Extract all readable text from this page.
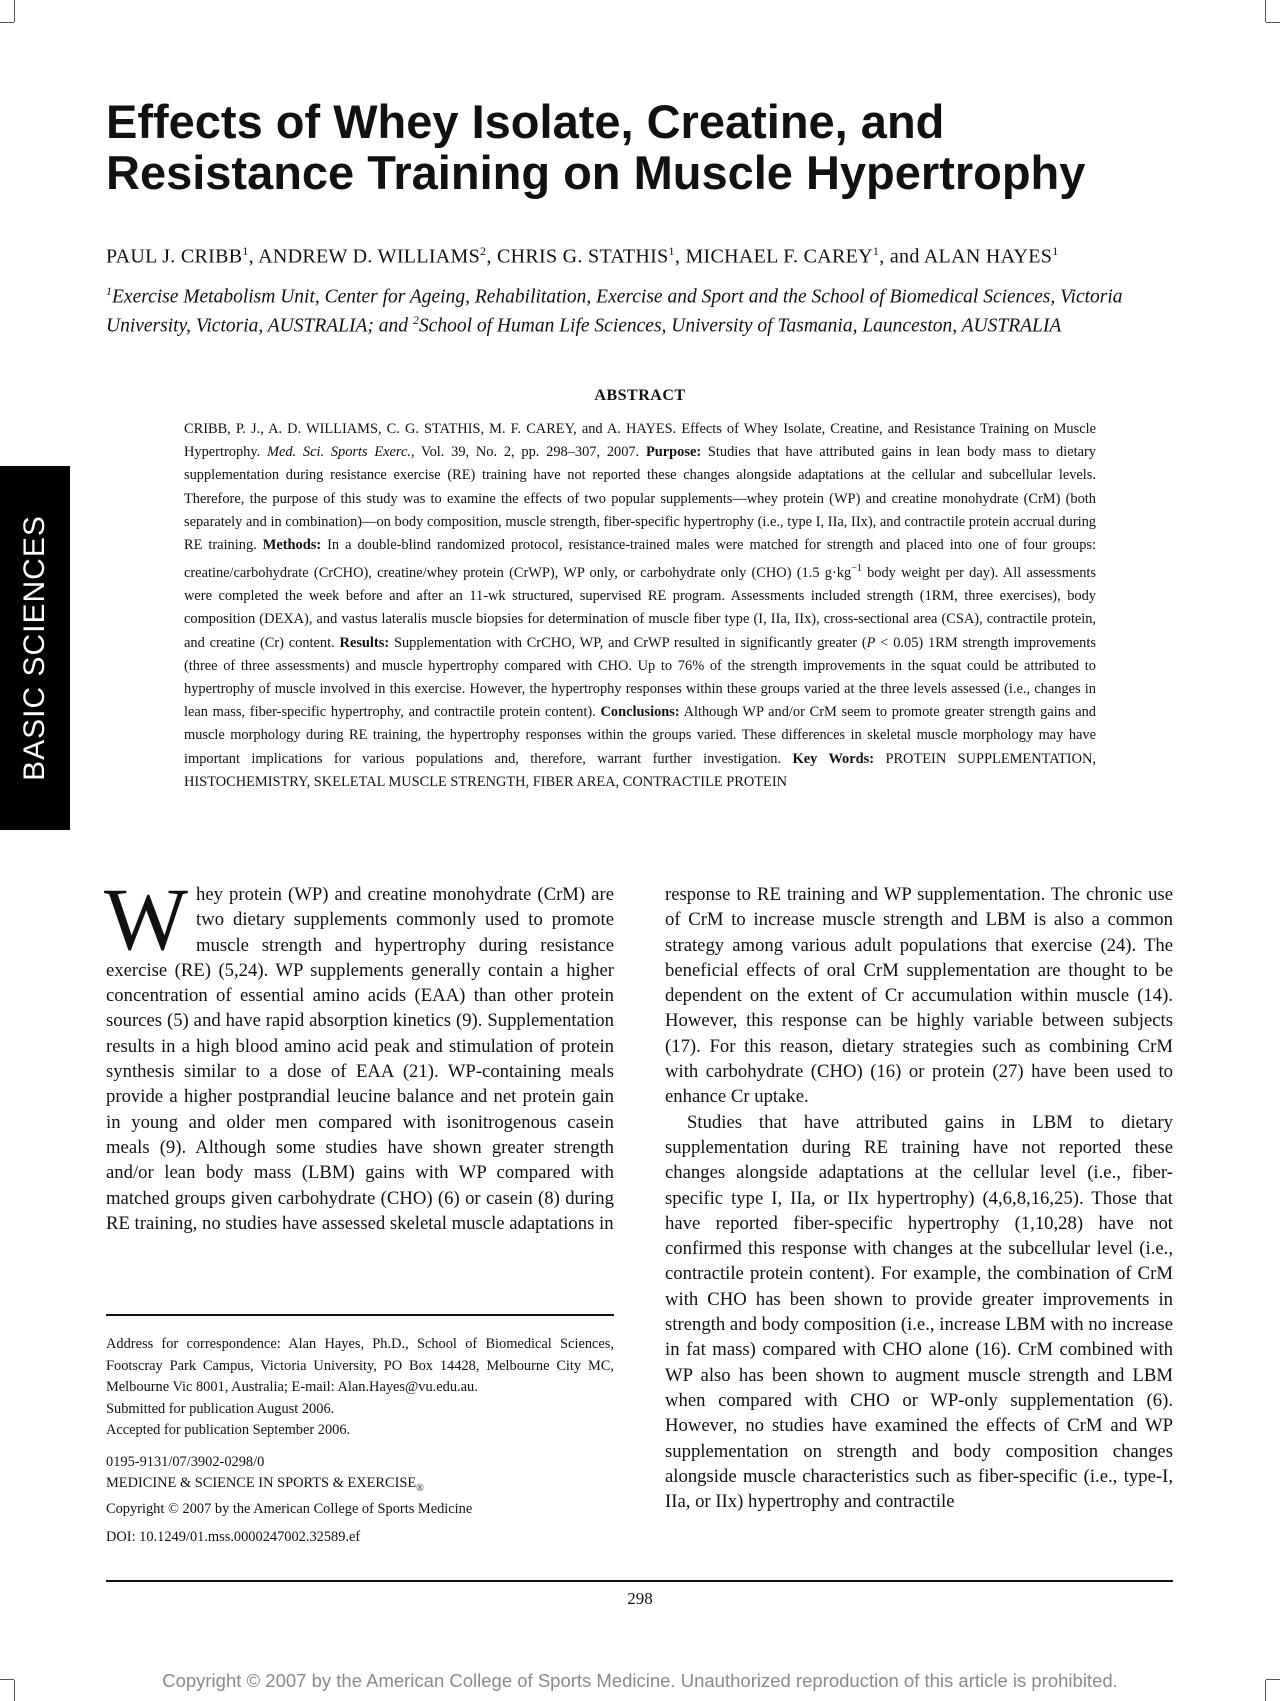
BASIC SCIENCES
Effects of Whey Isolate, Creatine, and
Resistance Training on Muscle Hypertrophy

PAUL J. CRIBB$^1$, ANDREW D. WILLIAMS$^2$, CHRIS G. STATHIS$^1$, MICHAEL F. CAREY$^1$, and ALAN HAYES$^1$

$^1$Exercise Metabolism Unit, Center for Ageing, Rehabilitation, Exercise and Sport and the School of Biomedical Sciences, Victoria University, Victoria, AUSTRALIA; and $^2$School of Human Life Sciences, University of Tasmania, Launceston, AUSTRALIA

ABSTRACT

CRIBB, P. J., A. D. WILLIAMS, C. G. STATHIS, M. F. CAREY, and A. HAYES. Effects of Whey Isolate, Creatine, and Resistance Training on Muscle Hypertrophy. Med. Sci. Sports Exerc., Vol. 39, No. 2, pp. 298–307, 2007. Purpose: Studies that have attributed gains in lean body mass to dietary supplementation during resistance exercise (RE) training have not reported these changes alongside adaptations at the cellular and subcellular levels. Therefore, the purpose of this study was to examine the effects of two popular supplements—whey protein (WP) and creatine monohydrate (CrM) (both separately and in combination)—on body composition, muscle strength, fiber-specific hypertrophy (i.e., type I, IIa, IIx), and contractile protein accrual during RE training. Methods: In a double-blind randomized protocol, resistance-trained males were matched for strength and placed into one of four groups: creatine/carbohydrate (CrCHO), creatine/whey protein (CrWP), WP only, or carbohydrate only (CHO) (1.5 $g\cdot kg^{-1}$ body weight per day). All assessments were completed the week before and after an 11-wk structured, supervised RE program. Assessments included strength (1RM, three exercises), body composition (DEXA), and vastus lateralis muscle biopsies for determination of muscle fiber type (I, IIa, IIx), cross-sectional area (CSA), contractile protein, and creatine (Cr) content. Results: Supplementation with CrCHO, WP, and CrWP resulted in significantly greater (P < 0.05) 1RM strength improvements (three of three assessments) and muscle hypertrophy compared with CHO. Up to 76% of the strength improvements in the squat could be attributed to hypertrophy of muscle involved in this exercise. However, the hypertrophy responses within these groups varied at the three levels assessed (i.e., changes in lean mass, fiber-specific hypertrophy, and contractile protein content). Conclusions: Although WP and/or CrM seem to promote greater strength gains and muscle morphology during RE training, the hypertrophy responses within the groups varied. These differences in skeletal muscle morphology may have important implications for various populations and, therefore, warrant further investigation. Key Words: PROTEIN SUPPLEMENTATION, HISTOCHEMISTRY, SKELETAL MUSCLE STRENGTH, FIBER AREA, CONTRACTILE PROTEIN

Whey protein (WP) and creatine monohydrate (CrM) are two dietary supplements commonly used to promote muscle strength and hypertrophy during resistance exercise (RE) (5,24). WP supplements generally contain a higher concentration of essential amino acids (EAA) than other protein sources (5) and have rapid absorption kinetics (9). Supplementation results in a high blood amino acid peak and stimulation of protein synthesis similar to a dose of EAA (21). WP-containing meals provide a higher postprandial leucine balance and net protein gain in young and older men compared with isonitrogenous casein meals (9). Although some studies have shown greater strength and/or lean body mass (LBM) gains with WP compared with matched groups given carbohydrate (CHO) (6) or casein (8) during RE training, no studies have assessed skeletal muscle adaptations in

response to RE training and WP supplementation. The chronic use of CrM to increase muscle strength and LBM is also a common strategy among various adult populations that exercise (24). The beneficial effects of oral CrM supplementation are thought to be dependent on the extent of Cr accumulation within muscle (14). However, this response can be highly variable between subjects (17). For this reason, dietary strategies such as combining CrM with carbohydrate (CHO) (16) or protein (27) have been used to enhance Cr uptake.

Studies that have attributed gains in LBM to dietary supplementation during RE training have not reported these changes alongside adaptations at the cellular level (i.e., fiber-specific type I, IIa, or IIx hypertrophy) (4,6,8,16,25). Those that have reported fiber-specific hypertrophy (1,10,28) have not confirmed this response with changes at the subcellular level (i.e., contractile protein content). For example, the combination of CrM with CHO has been shown to provide greater improvements in strength and body composition (i.e., increase LBM with no increase in fat mass) compared with CHO alone (16). CrM combined with WP also has been shown to augment muscle strength and LBM when compared with CHO or WP-only supplementation (6). However, no studies have examined the effects of CrM and WP supplementation on strength and body composition changes alongside muscle characteristics such as fiber-specific (i.e., type-I, IIa, or IIx) hypertrophy and contractile

Address for correspondence: Alan Hayes, Ph.D., School of Biomedical Sciences, Footscray Park Campus, Victoria University, PO Box 14428, Melbourne City MC, Melbourne Vic 8001, Australia; E-mail: Alan.Hayes@vu.edu.au.

Submitted for publication August 2006.

Accepted for publication September 2006.

0195-9131/07/3902-0298/0

MEDICINE & SCIENCE IN SPORTS & $EXERCISE_®$

Copyright © 2007 by the American College of Sports Medicine

DOI: 10.1249/01.mss.0000247002.32589.ef

298

Copyright © 2007 by the American College of Sports Medicine. Unauthorized reproduction of this article is prohibited.
